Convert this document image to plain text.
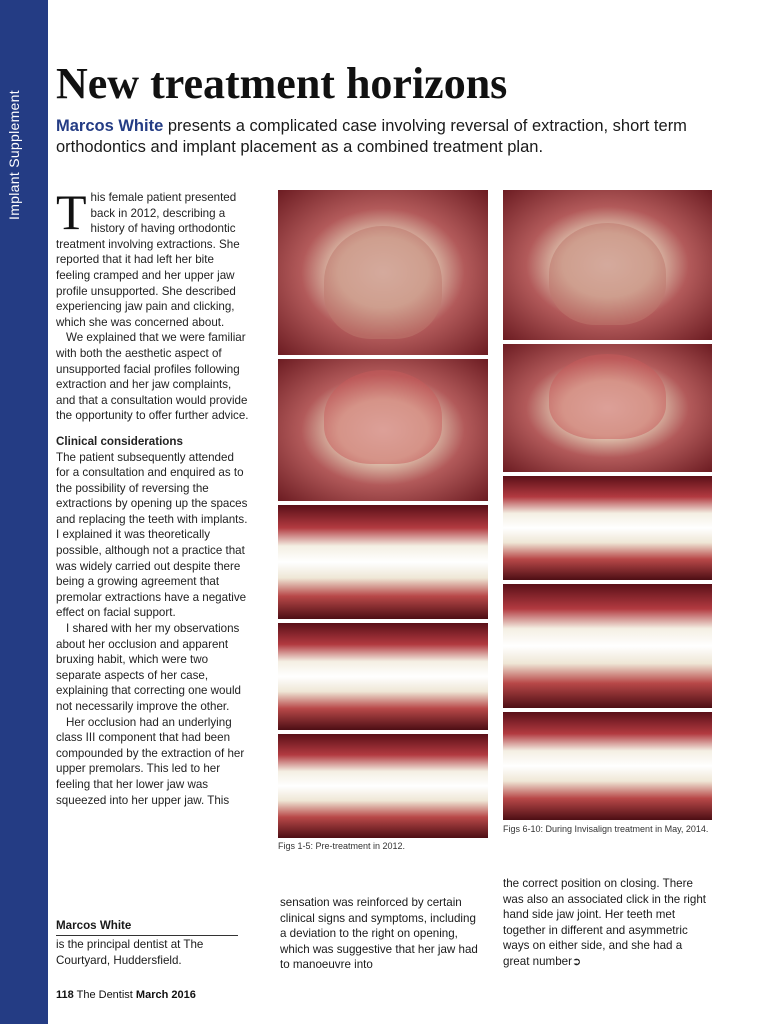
Implant Supplement
New treatment horizons

Marcos White presents a complicated case involving reversal of extraction, short term orthodontics and implant placement as a combined treatment plan.

This female patient presented back in 2012, describing a history of having orthodontic treatment involving extractions. She reported that it had left her bite feeling cramped and her upper jaw profile unsupported. She described experiencing jaw pain and clicking, which she was concerned about.

We explained that we were familiar with both the aesthetic aspect of unsupported facial profiles following extraction and her jaw complaints, and that a consultation would provide the opportunity to offer further advice.

Clinical considerations

The patient subsequently attended for a consultation and enquired as to the possibility of reversing the extractions by opening up the spaces and replacing the teeth with implants. I explained it was theoretically possible, although not a practice that was widely carried out despite there being a growing agreement that premolar extractions have a negative effect on facial support.

I shared with her my observations about her occlusion and apparent bruxing habit, which were two separate aspects of her case, explaining that correcting one would not necessarily improve the other.

Her occlusion had an underlying class III component that had been compounded by the extraction of her upper premolars. This led to her feeling that her lower jaw was squeezed into her upper jaw. This

Figs 1-5: Pre-treatment in 2012.
Figs 6-10: During Invisalign treatment in May, 2014.

sensation was reinforced by certain clinical signs and symptoms, including a deviation to the right on opening, which was suggestive that her jaw had to manoeuvre into

the correct position on closing. There was also an associated click in the right hand side jaw joint. Her teeth met together in different and asymmetric ways on either side, and she had a great number➲

Marcos White
is the principal dentist at The Courtyard, Huddersfield.
118 The Dentist March 2016
